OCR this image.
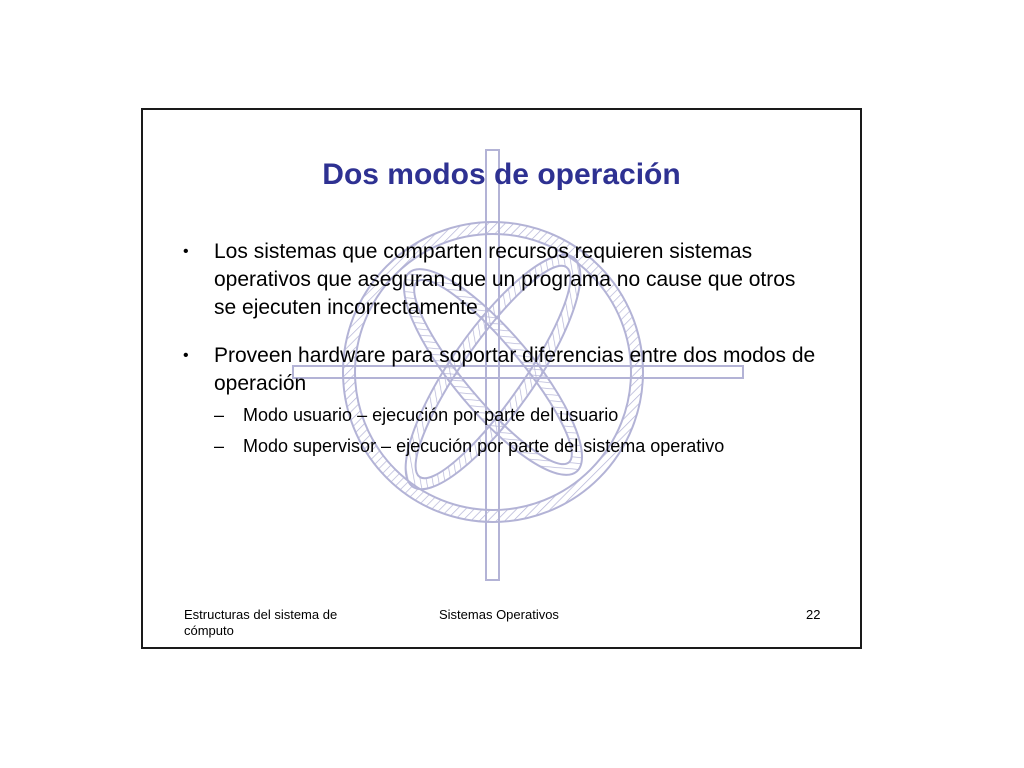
Dos modos de operación
• Los sistemas que comparten recursos requieren sistemas operativos que aseguran que un programa no cause que otros se ejecuten incorrectamente
• Proveen hardware para soportar diferencias entre dos modos de operación
– Modo usuario – ejecución por parte del usuario
– Modo supervisor – ejecución por parte del sistema operativo
Estructuras del sistema de cómputo
Sistemas Operativos	22
